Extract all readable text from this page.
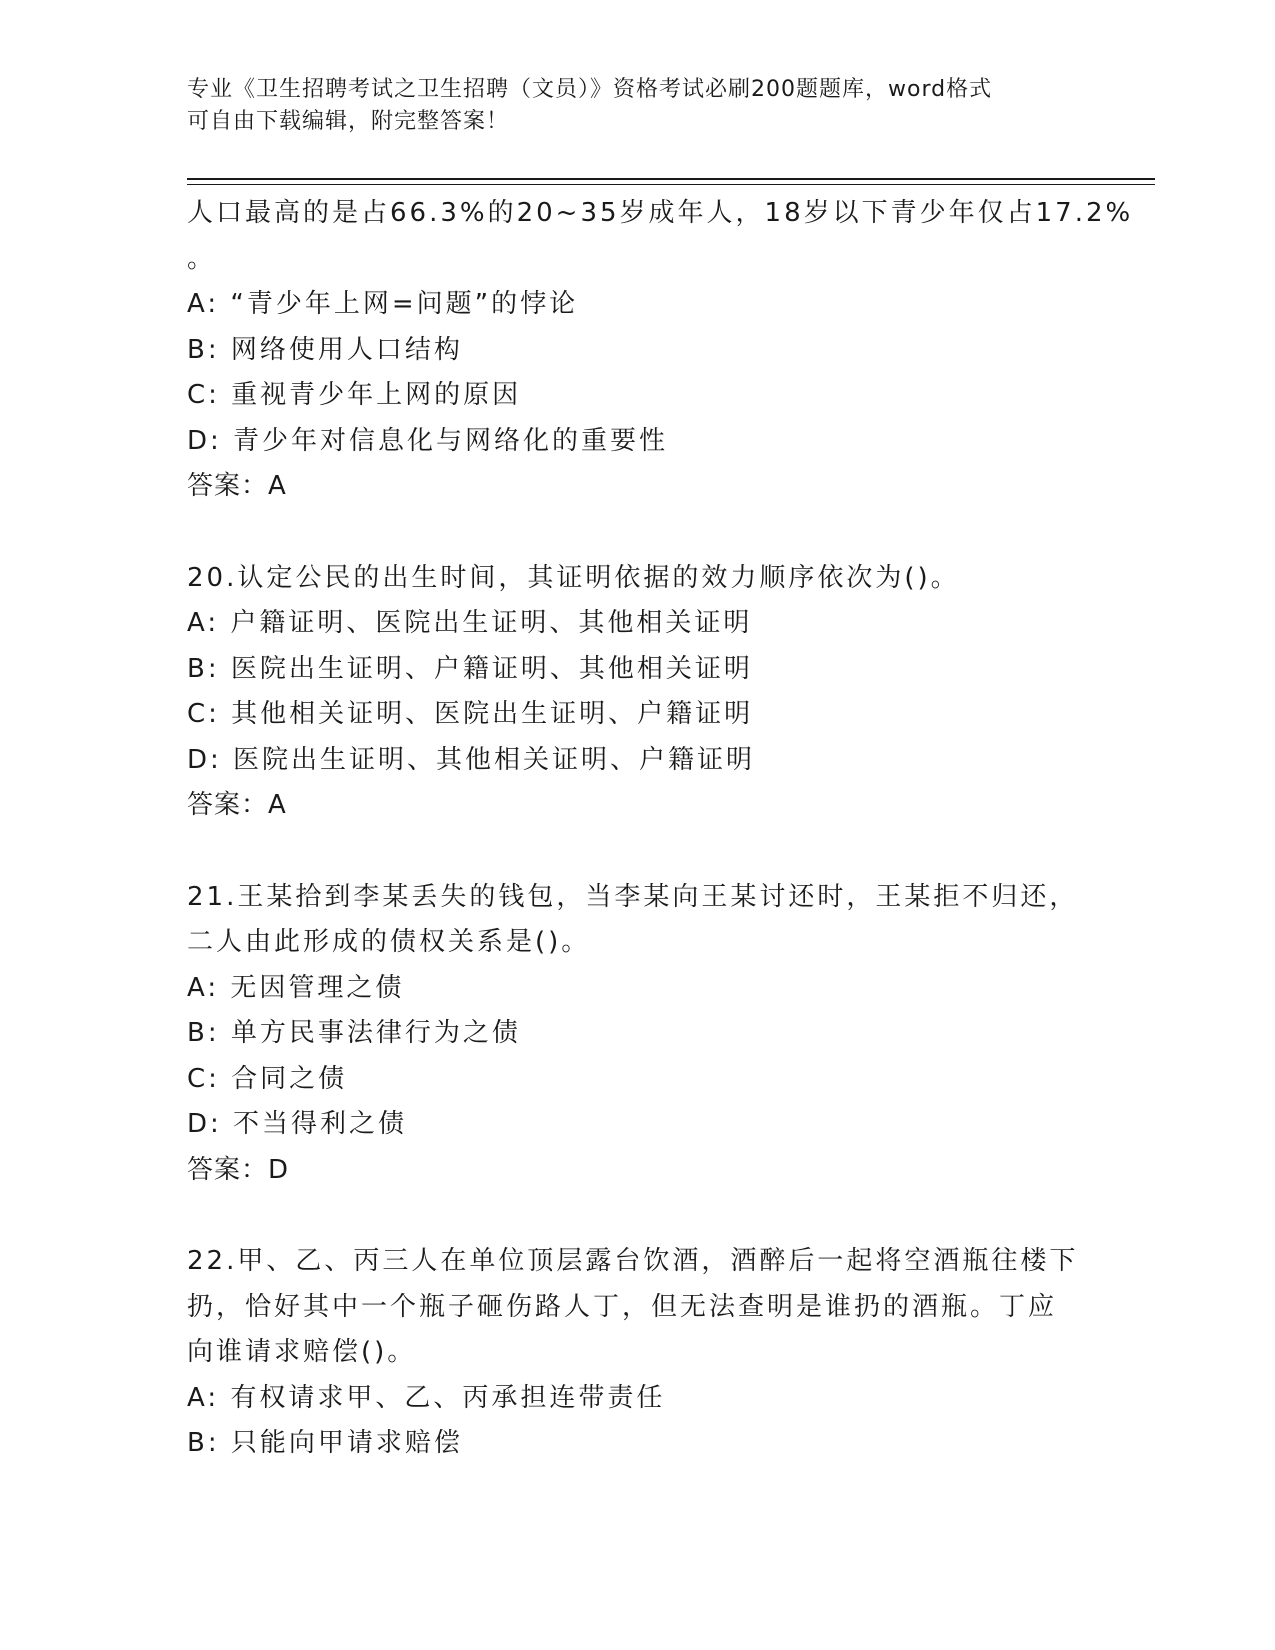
专业《卫生招聘考试之卫生招聘（文员）》资格考试必刷200题题库，word格式
可自由下载编辑，附完整答案！
人口最高的是占66.3%的20~35岁成年人，18岁以下青少年仅占17.2%
。
A: “青少年上网=问题”的悖论
B: 网络使用人口结构
C: 重视青少年上网的原因
D: 青少年对信息化与网络化的重要性
答案：A
20.认定公民的出生时间，其证明依据的效力顺序依次为()。
A: 户籍证明、医院出生证明、其他相关证明
B: 医院出生证明、户籍证明、其他相关证明
C: 其他相关证明、医院出生证明、户籍证明
D: 医院出生证明、其他相关证明、户籍证明
答案：A
21.王某拾到李某丢失的钱包，当李某向王某讨还时，王某拒不归还，
二人由此形成的债权关系是()。
A: 无因管理之债
B: 单方民事法律行为之债
C: 合同之债
D: 不当得利之债
答案：D
22.甲、乙、丙三人在单位顶层露台饮酒，酒醉后一起将空酒瓶往楼下
扔，恰好其中一个瓶子砸伤路人丁，但无法查明是谁扔的酒瓶。丁应
向谁请求赔偿()。
A: 有权请求甲、乙、丙承担连带责任
B: 只能向甲请求赔偿
